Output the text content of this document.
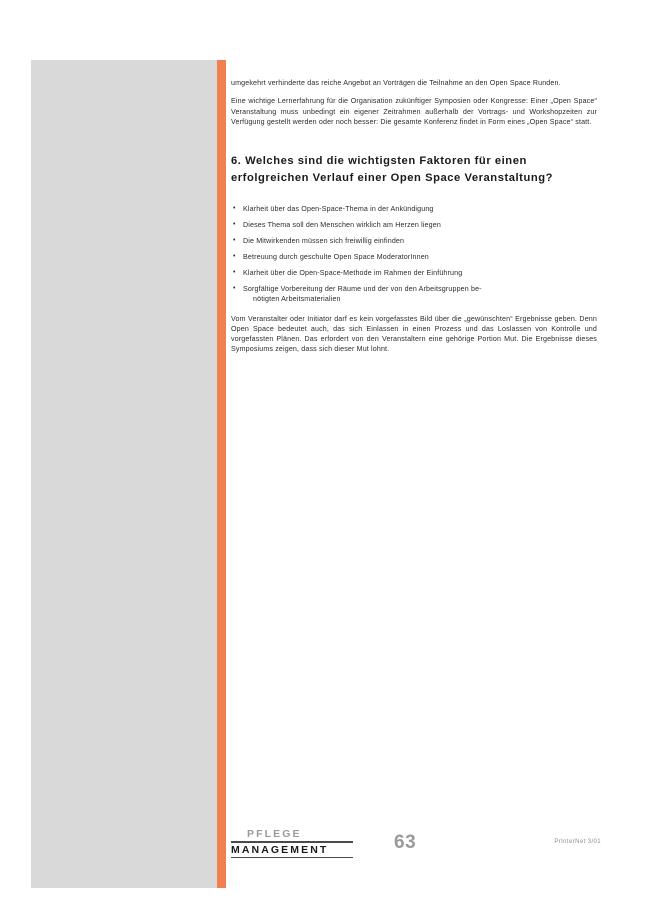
umgekehrt verhinderte das reiche Angebot an Vorträgen die Teilnahme an den Open Space Runden.

Eine wichtige Lernerfahrung für die Organisation zukünftiger Symposien oder Kongresse: Einer „Open Space“ Veranstaltung muss unbedingt ein eigener Zeitrahmen außerhalb der Vortrags- und Workshopzeiten zur Verfügung gestellt werden oder noch besser: Die gesamte Konferenz findet in Form eines „Open Space“ statt.

6. Welches sind die wichtigsten Faktoren für einen erfolgreichen Verlauf einer Open Space Veranstaltung?
• Klarheit über das Open-Space-Thema in der Ankündigung
• Dieses Thema soll den Menschen wirklich am Herzen liegen
• Die Mitwirkenden müssen sich freiwillig einfinden
• Betreuung durch geschulte Open Space ModeratorInnen
• Klarheit über die Open-Space-Methode im Rahmen der Einführung
• Sorgfältige Vorbereitung der Räume und der von den Arbeitsgruppen be-
nötigten Arbeitsmaterialien

Vom Veranstalter oder Initiator darf es kein vorgefasstes Bild über die „gewünschten“ Ergebnisse geben. Denn Open Space bedeutet auch, das sich Einlassen in einen Prozess und das Loslassen von Kontrolle und vorgefassten Plänen. Das erfordert von den Veranstaltern eine gehörige Portion Mut. Die Ergebnisse dieses Symposiums zeigen, dass sich dieser Mut lohnt.

PFLEGE
MANAGEMENT	63	PrInterNet 3/01
